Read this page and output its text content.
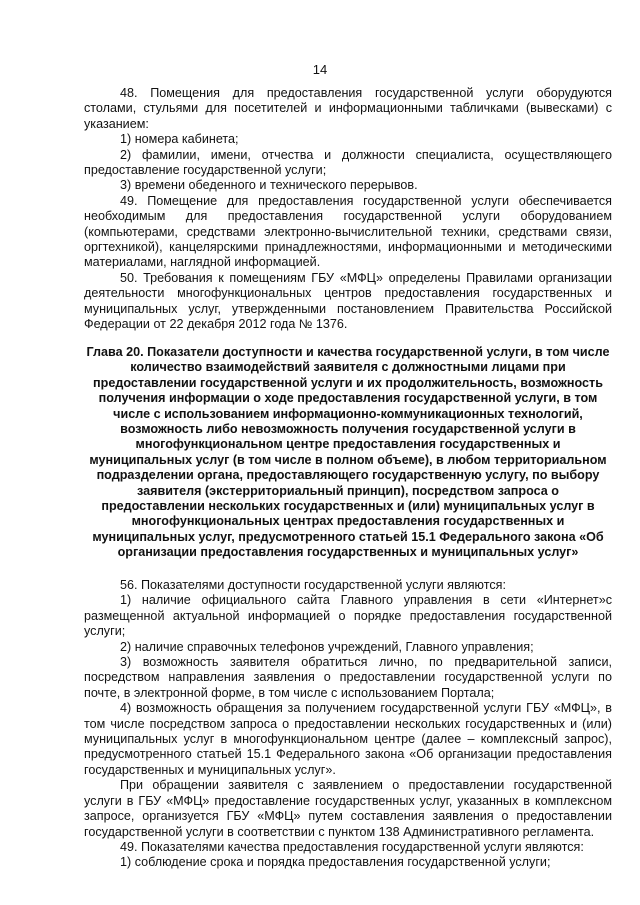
14

48. Помещения для предоставления государственной услуги оборудуются столами, стульями для посетителей и информационными табличками (вывесками) с указанием:

1) номера кабинета;

2) фамилии, имени, отчества и должности специалиста, осуществляющего предоставление государственной услуги;

3) времени обеденного и технического перерывов.

49. Помещение для предоставления государственной услуги обеспечивается необходимым для предоставления государственной услуги оборудованием (компьютерами, средствами электронно-вычислительной техники, средствами связи, оргтехникой), канцелярскими принадлежностями, информационными и методическими материалами, наглядной информацией.

50. Требования к помещениям ГБУ «МФЦ» определены Правилами организации деятельности многофункциональных центров предоставления государственных и муниципальных услуг, утвержденными постановлением Правительства Российской Федерации от 22 декабря 2012 года № 1376.

Глава 20. Показатели доступности и качества государственной услуги, в том числе количество взаимодействий заявителя с должностными лицами при предоставлении государственной услуги и их продолжительность, возможность получения информации о ходе предоставления государственной услуги, в том числе с использованием информационно-коммуникационных технологий, возможность либо невозможность получения государственной услуги в многофункциональном центре предоставления государственных и муниципальных услуг (в том числе в полном объеме), в любом территориальном подразделении органа, предоставляющего государственную услугу, по выбору заявителя (экстерриториальный принцип), посредством запроса о предоставлении нескольких государственных и (или) муниципальных услуг в многофункциональных центрах предоставления государственных и муниципальных услуг, предусмотренного статьей 15.1 Федерального закона «Об организации предоставления государственных и муниципальных услуг»

56. Показателями доступности государственной услуги являются:

1) наличие официального сайта Главного управления в сети «Интернет»с размещенной актуальной информацией о порядке предоставления государственной услуги;

2) наличие справочных телефонов учреждений, Главного управления;

3) возможность заявителя обратиться лично, по предварительной записи, посредством направления заявления о предоставлении государственной услуги по почте, в электронной форме, в том числе с использованием Портала;

4) возможность обращения за получением государственной услуги ГБУ «МФЦ», в том числе посредством запроса о предоставлении нескольких государственных и (или) муниципальных услуг в многофункциональном центре (далее – комплексный запрос), предусмотренного статьей 15.1 Федерального закона «Об организации предоставления государственных и муниципальных услуг».

При обращении заявителя с заявлением о предоставлении государственной услуги в ГБУ «МФЦ» предоставление государственных услуг, указанных в комплексном запросе, организуется ГБУ «МФЦ» путем составления заявления о предоставлении государственной услуги в соответствии с пунктом 138 Административного регламента.

49. Показателями качества предоставления государственной услуги являются:

1) соблюдение срока и порядка предоставления государственной услуги;
